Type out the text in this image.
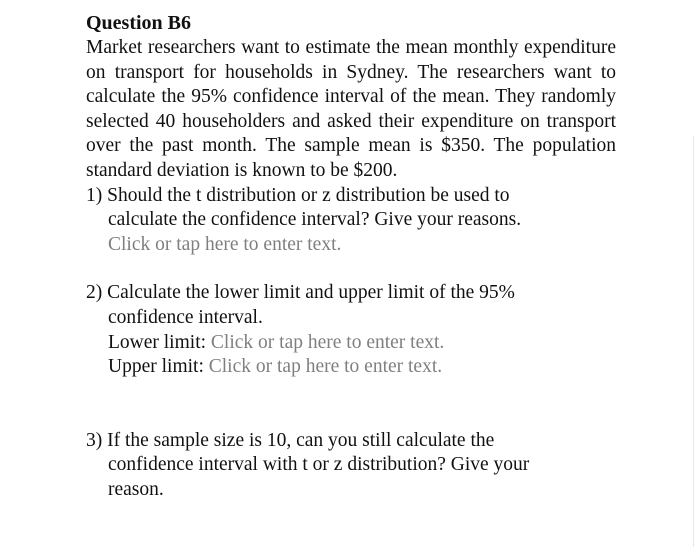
Question B6

Market researchers want to estimate the mean monthly expenditure on transport for households in Sydney. The researchers want to calculate the 95% confidence interval of the mean. They randomly selected 40 householders and asked their expenditure on transport over the past month. The sample mean is $350. The population standard deviation is known to be $200.

1) Should the t distribution or z distribution be used to

calculate the confidence interval? Give your reasons.

Click or tap here to enter text.

2) Calculate the lower limit and upper limit of the 95%

confidence interval.

Lower limit: Click or tap here to enter text.

Upper limit: Click or tap here to enter text.

3) If the sample size is 10, can you still calculate the

confidence interval with t or z distribution? Give your

reason.
